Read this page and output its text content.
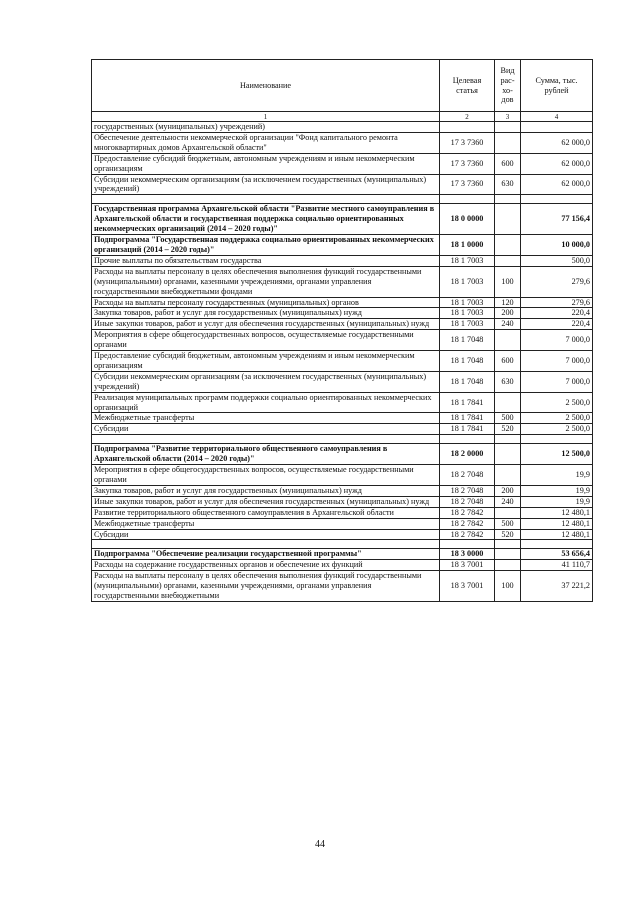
Наименование	Целевая статья	Вид рас- хо- дов	Сумма, тыс. рублей
1	2	3	4
государственных (муниципальных) учреждений)			
Обеспечение деятельности некоммерческой организации "Фонд капитального ремонта многоквартирных домов Архангельской области"	17 3 7360		62 000,0
Предоставление субсидий бюджетным, автономным учреждениям и иным некоммерческим организациям	17 3 7360	600	62 000,0
Субсидии некоммерческим организациям (за исключением государственных (муниципальных) учреждений)	17 3 7360	630	62 000,0

Государственная программа Архангельской области "Развитие местного самоуправления в Архангельской области и государственная поддержка социально ориентированных некоммерческих организаций (2014 – 2020 годы)"	18 0 0000		77 156,4
Подпрограмма "Государственная поддержка социально ориентированных некоммерческих организаций (2014 – 2020 годы)"	18 1 0000		10 000,0
Прочие выплаты по обязательствам государства	18 1 7003		500,0
Расходы на выплаты персоналу в целях обеспечения выполнения функций государственными (муниципальными) органами, казенными учреждениями, органами управления государственными внебюджетными фондами	18 1 7003	100	279,6
Расходы на выплаты персоналу государственных (муниципальных) органов	18 1 7003	120	279,6
Закупка товаров, работ и услуг для государственных (муниципальных) нужд	18 1 7003	200	220,4
Иные закупки товаров, работ и услуг для обеспечения государственных (муниципальных) нужд	18 1 7003	240	220,4
Мероприятия в сфере общегосударственных вопросов, осуществляемые государственными органами	18 1 7048		7 000,0
Предоставление субсидий бюджетным, автономным учреждениям и иным некоммерческим организациям	18 1 7048	600	7 000,0
Субсидии некоммерческим организациям (за исключением государственных (муниципальных) учреждений)	18 1 7048	630	7 000,0
Реализация муниципальных программ поддержки социально ориентированных некоммерческих организаций	18 1 7841		2 500,0
Межбюджетные трансферты	18 1 7841	500	2 500,0
Субсидии	18 1 7841	520	2 500,0

Подпрограмма "Развитие территориального общественного самоуправления в Архангельской области (2014 – 2020 годы)"	18 2 0000		12 500,0
Мероприятия в сфере общегосударственных вопросов, осуществляемые государственными органами	18 2 7048		19,9
Закупка товаров, работ и услуг для государственных (муниципальных) нужд	18 2 7048	200	19,9
Иные закупки товаров, работ и услуг для обеспечения государственных (муниципальных) нужд	18 2 7048	240	19,9
Развитие территориального общественного самоуправления в Архангельской области	18 2 7842		12 480,1
Межбюджетные трансферты	18 2 7842	500	12 480,1
Субсидии	18 2 7842	520	12 480,1

Подпрограмма "Обеспечение реализации государственной программы"	18 3 0000		53 656,4
Расходы на содержание государственных органов и обеспечение их функций	18 3 7001		41 110,7
Расходы на выплаты персоналу в целях обеспечения выполнения функций государственными (муниципальными) органами, казенными учреждениями, органами управления государственными внебюджетными	18 3 7001	100	37 221,2
44
